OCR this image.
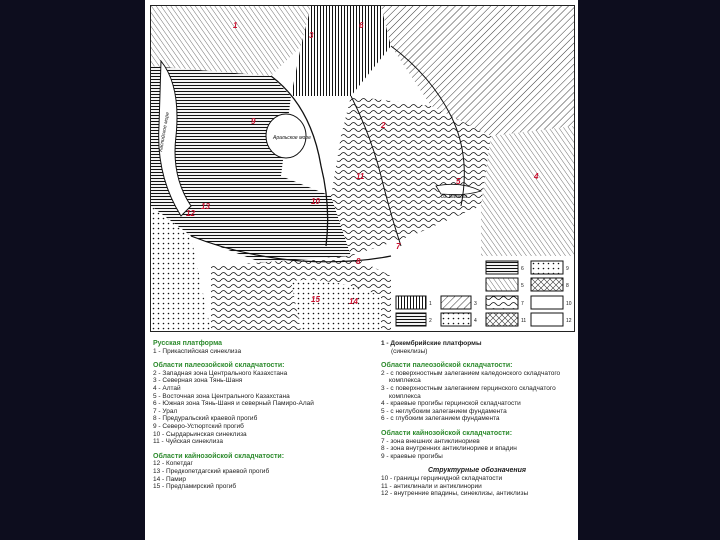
1
2
3
4
5
6
7
8
9
10
11
12
13
14
15
Аральское море
Каспийское море
оз. Балхаш
6	9
5	8
1	3	7	10
2	4	11	12
Русская платформа
1 - Прикаспийская синеклиза
Области палеозойской складчатости:
2 - Западная зона Центрального Казахстана
3 - Северная зона Тянь-Шаня
4 - Алтай
5 - Восточная зона Центрального Казахстана
6 - Южная зона Тянь-Шаня и северный Памиро-Алай
7 - Урал
8 - Предуральский краевой прогиб
9 - Северо-Устюртский прогиб
10 - Сырдарьинская синеклиза
11 - Чуйская синеклиза
Области кайнозойской складчатости:
12 - Копетдаг
13 - Предкопетдагский краевой прогиб
14 - Памир
15 - Предпамирский прогиб
1 - Докембрийские платформы
(синеклизы)
Области палеозойской складчатости:
2 - с поверхностным залеганием каледонского складчатого комплекса
3 - с поверхностным залеганием герцинского складчатого комплекса
4 - краевые прогибы герцинской складчатости
5 - с неглубоким залеганием фундамента
6 - с глубоким залеганием фундамента
Области кайнозойской складчатости:
7 - зона внешних антиклинориев
8 - зона внутренних антиклинориев и впадин
9 - краевые прогибы
Структурные обозначения
10 - границы герцинидной складчатости
11 - антиклинали и антиклинории
12 - внутренние впадины, синеклизы, антиклизы
